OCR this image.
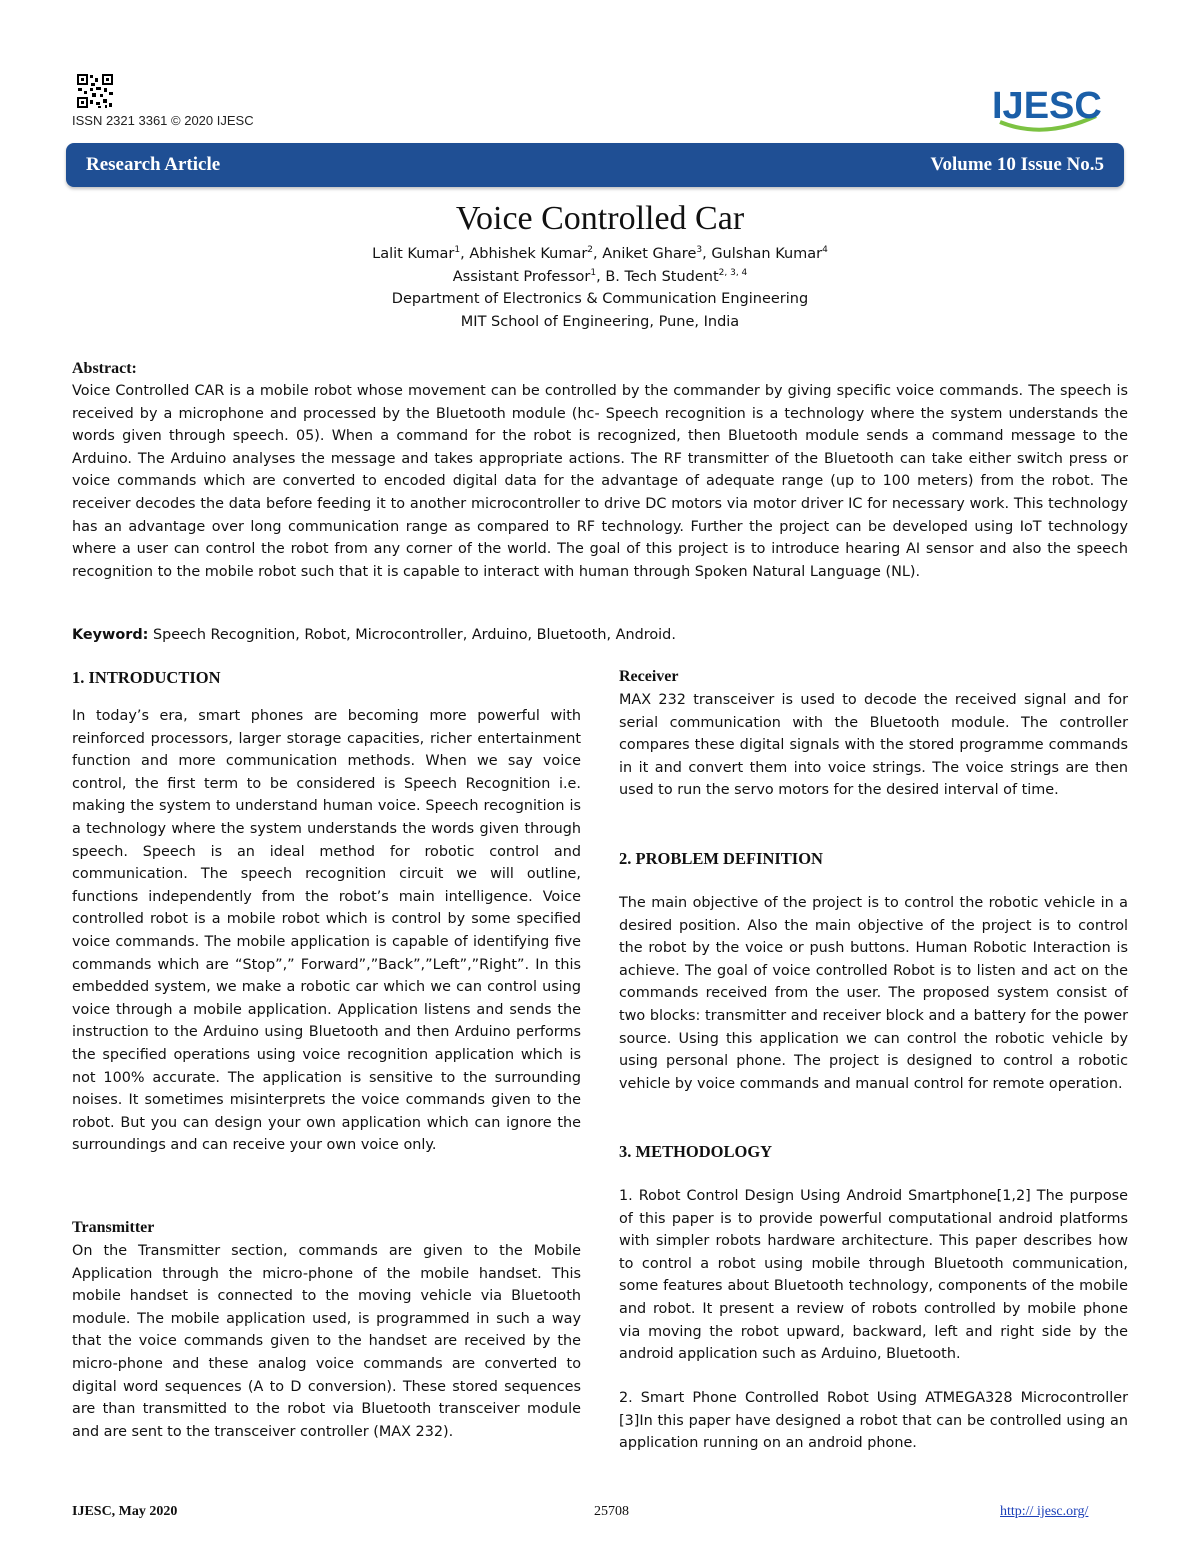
ISSN 2321 3361 © 2020 IJESC	IJESC
Research Article	Volume 10 Issue No.5
Voice Controlled Car
Lalit Kumar$^1$, Abhishek Kumar$^2$, Aniket Ghare$^3$, Gulshan Kumar$^4$
Assistant Professor$^1$, B. Tech Student$^{2, 3, 4}$
Department of Electronics & Communication Engineering
MIT School of Engineering, Pune, India
Abstract:
Voice Controlled CAR is a mobile robot whose movement can be controlled by the commander by giving specific voice commands. The speech is received by a microphone and processed by the Bluetooth module (hc- Speech recognition is a technology where the system understands the words given through speech. 05). When a command for the robot is recognized, then Bluetooth module sends a command message to the Arduino. The Arduino analyses the message and takes appropriate actions. The RF transmitter of the Bluetooth can take either switch press or voice commands which are converted to encoded digital data for the advantage of adequate range (up to 100 meters) from the robot. The receiver decodes the data before feeding it to another microcontroller to drive DC motors via motor driver IC for necessary work. This technology has an advantage over long communication range as compared to RF technology. Further the project can be developed using IoT technology where a user can control the robot from any corner of the world. The goal of this project is to introduce hearing AI sensor and also the speech recognition to the mobile robot such that it is capable to interact with human through Spoken Natural Language (NL).
Keyword: Speech Recognition, Robot, Microcontroller, Arduino, Bluetooth, Android.
1. INTRODUCTION
In today’s era, smart phones are becoming more powerful with reinforced processors, larger storage capacities, richer entertainment function and more communication methods. When we say voice control, the first term to be considered is Speech Recognition i.e. making the system to understand human voice. Speech recognition is a technology where the system understands the words given through speech. Speech is an ideal method for robotic control and communication. The speech recognition circuit we will outline, functions independently from the robot’s main intelligence. Voice controlled robot is a mobile robot which is control by some specified voice commands. The mobile application is capable of identifying five commands which are “Stop”,” Forward”,”Back”,”Left”,”Right”. In this embedded system, we make a robotic car which we can control using voice through a mobile application. Application listens and sends the instruction to the Arduino using Bluetooth and then Arduino performs the specified operations using voice recognition application which is not 100% accurate. The application is sensitive to the surrounding noises. It sometimes misinterprets the voice commands given to the robot. But you can design your own application which can ignore the surroundings and can receive your own voice only.
Transmitter
On the Transmitter section, commands are given to the Mobile Application through the micro-phone of the mobile handset. This mobile handset is connected to the moving vehicle via Bluetooth module. The mobile application used, is programmed in such a way that the voice commands given to the handset are received by the micro-phone and these analog voice commands are converted to digital word sequences (A to D conversion). These stored sequences are than transmitted to the robot via Bluetooth transceiver module and are sent to the transceiver controller (MAX 232).
Receiver
MAX 232 transceiver is used to decode the received signal and for serial communication with the Bluetooth module. The controller compares these digital signals with the stored programme commands in it and convert them into voice strings. The voice strings are then used to run the servo motors for the desired interval of time.
2. PROBLEM DEFINITION
The main objective of the project is to control the robotic vehicle in a desired position. Also the main objective of the project is to control the robot by the voice or push buttons. Human Robotic Interaction is achieve. The goal of voice controlled Robot is to listen and act on the commands received from the user. The proposed system consist of two blocks: transmitter and receiver block and a battery for the power source. Using this application we can control the robotic vehicle by using personal phone. The project is designed to control a robotic vehicle by voice commands and manual control for remote operation.
3. METHODOLOGY
1. Robot Control Design Using Android Smartphone[1,2] The purpose of this paper is to provide powerful computational android platforms with simpler robots hardware architecture. This paper describes how to control a robot using mobile through Bluetooth communication, some features about Bluetooth technology, components of the mobile and robot. It present a review of robots controlled by mobile phone via moving the robot upward, backward, left and right side by the android application such as Arduino, Bluetooth.
2. Smart Phone Controlled Robot Using ATMEGA328 Microcontroller [3]In this paper have designed a robot that can be controlled using an application running on an android phone.
IJESC, May 2020	25708	http:// ijesc.org/
